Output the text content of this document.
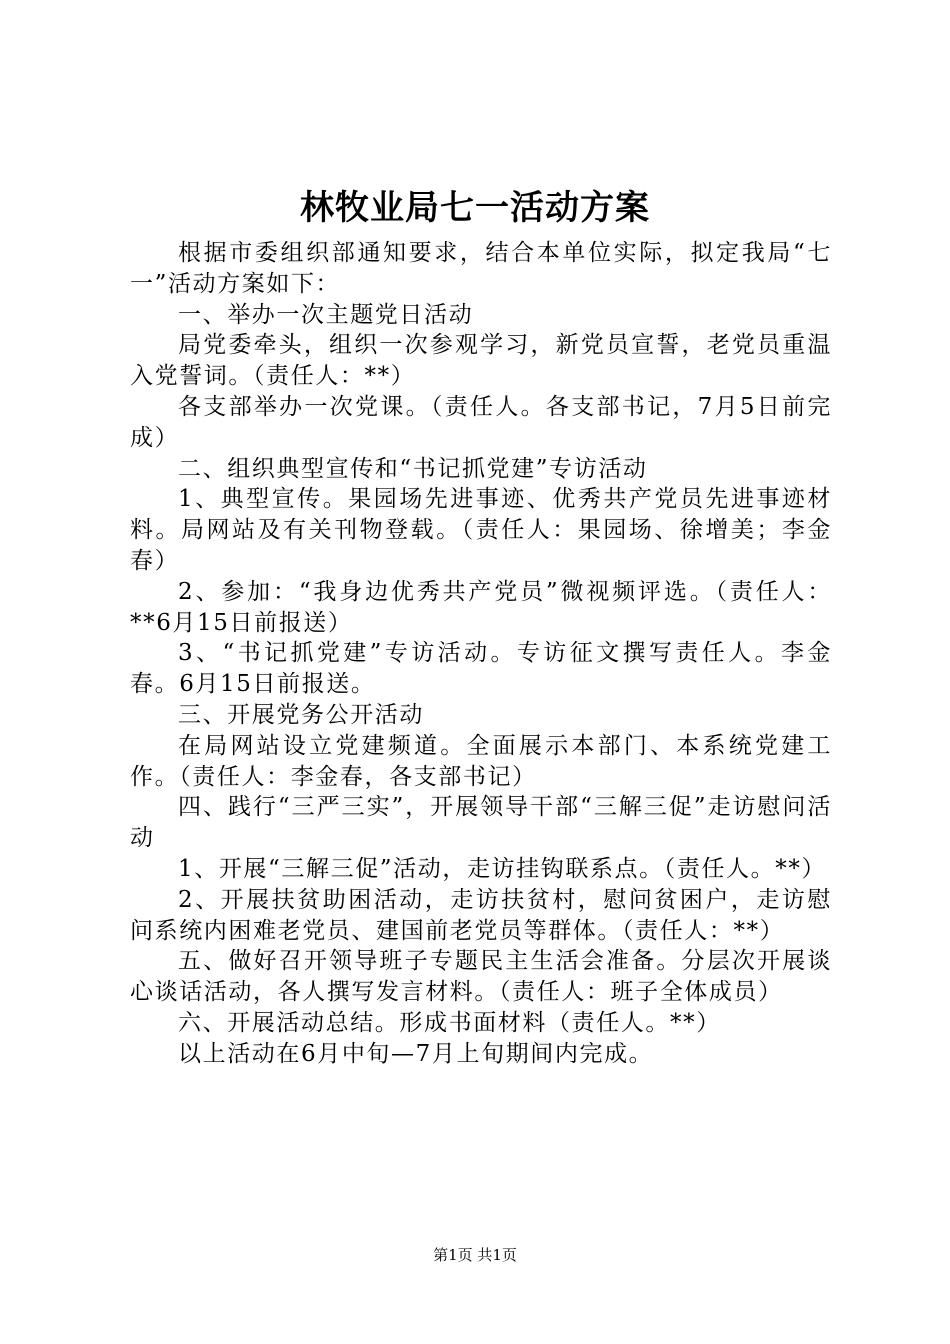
林牧业局七一活动方案

根据市委组织部通知要求，结合本单位实际，拟定我局“七一”活动方案如下：

一、举办一次主题党日活动

局党委牵头，组织一次参观学习，新党员宣誓，老党员重温入党誓词。（责任人：**）

各支部举办一次党课。（责任人。各支部书记，7月5日前完成）

二、组织典型宣传和“书记抓党建”专访活动

1、典型宣传。果园场先进事迹、优秀共产党员先进事迹材料。局网站及有关刊物登载。（责任人：果园场、徐增美；李金春）

2、参加：“我身边优秀共产党员”微视频评选。（责任人：**6月15日前报送）

3、“书记抓党建”专访活动。专访征文撰写责任人。李金春。6月15日前报送。

三、开展党务公开活动

在局网站设立党建频道。全面展示本部门、本系统党建工作。（责任人：李金春，各支部书记）

四、践行“三严三实”，开展领导干部“三解三促”走访慰问活动

1、开展“三解三促”活动，走访挂钩联系点。（责任人。**）

2、开展扶贫助困活动，走访扶贫村，慰问贫困户，走访慰问系统内困难老党员、建国前老党员等群体。（责任人：**）

五、做好召开领导班子专题民主生活会准备。分层次开展谈心谈话活动，各人撰写发言材料。（责任人：班子全体成员）

六、开展活动总结。形成书面材料（责任人。**）

以上活动在6月中旬—7月上旬期间内完成。

第1页 共1页
